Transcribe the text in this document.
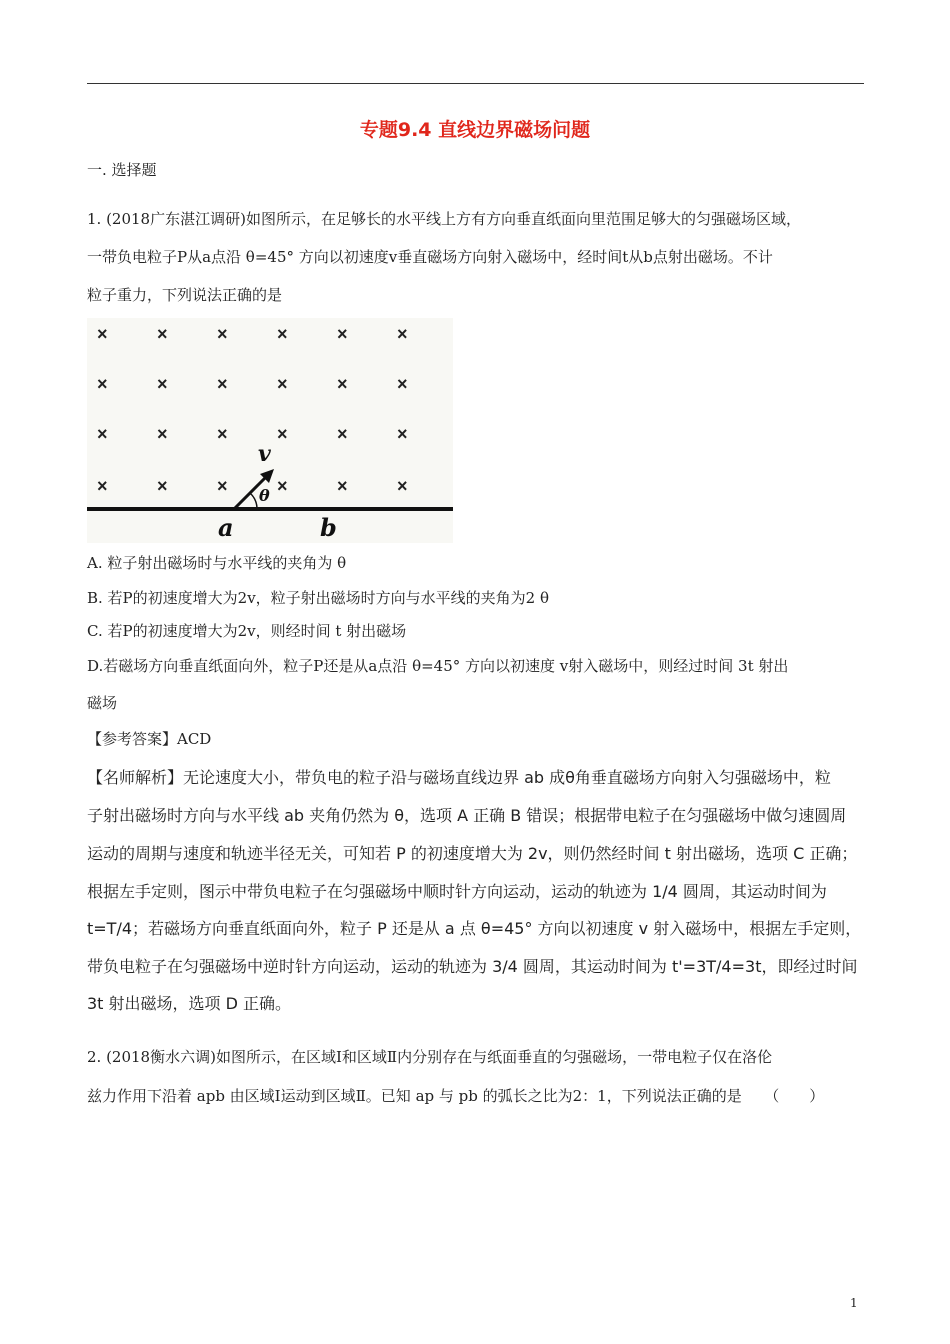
专题9.4 直线边界磁场问题
一. 选择题
1. (2018广东湛江调研)如图所示，在足够长的水平线上方有方向垂直纸面向里范围足够大的匀强磁场区域，
一带负电粒子P从a点沿 θ=45° 方向以初速度v垂直磁场方向射入磁场中，经时间t从b点射出磁场。不计
粒子重力，下列说法正确的是
×	×	×	×	×	×
×	×	×	×	×	×
×	×	×	×	×	×
×	×	×	×	×	×
v
θ
a	b
A. 粒子射出磁场时与水平线的夹角为 θ
B. 若P的初速度增大为2v，粒子射出磁场时方向与水平线的夹角为2 θ
C. 若P的初速度增大为2v，则经时间 t 射出磁场
D.若磁场方向垂直纸面向外，粒子P还是从a点沿 θ=45° 方向以初速度 v射入磁场中，则经过时间 3t 射出
磁场
【参考答案】ACD
【名师解析】无论速度大小，带负电的粒子沿与磁场直线边界 ab 成θ角垂直磁场方向射入匀强磁场中，粒
子射出磁场时方向与水平线 ab 夹角仍然为 θ，选项 A 正确 B 错误；根据带电粒子在匀强磁场中做匀速圆周
运动的周期与速度和轨迹半径无关，可知若 P 的初速度增大为 2v，则仍然经时间 t 射出磁场，选项 C 正确；
根据左手定则，图示中带负电粒子在匀强磁场中顺时针方向运动，运动的轨迹为 1/4 圆周，其运动时间为
t=T/4；若磁场方向垂直纸面向外，粒子 P 还是从 a 点 θ=45° 方向以初速度 v 射入磁场中，根据左手定则，
带负电粒子在匀强磁场中逆时针方向运动，运动的轨迹为 3/4 圆周，其运动时间为 t'=3T/4=3t，即经过时间
3t 射出磁场，选项 D 正确。
2. (2018衡水六调)如图所示，在区域Ⅰ和区域Ⅱ内分别存在与纸面垂直的匀强磁场，一带电粒子仅在洛伦
兹力作用下沿着 apb 由区域Ⅰ运动到区域Ⅱ。已知 ap 与 pb 的弧长之比为2：1，下列说法正确的是　　（　　）
1
